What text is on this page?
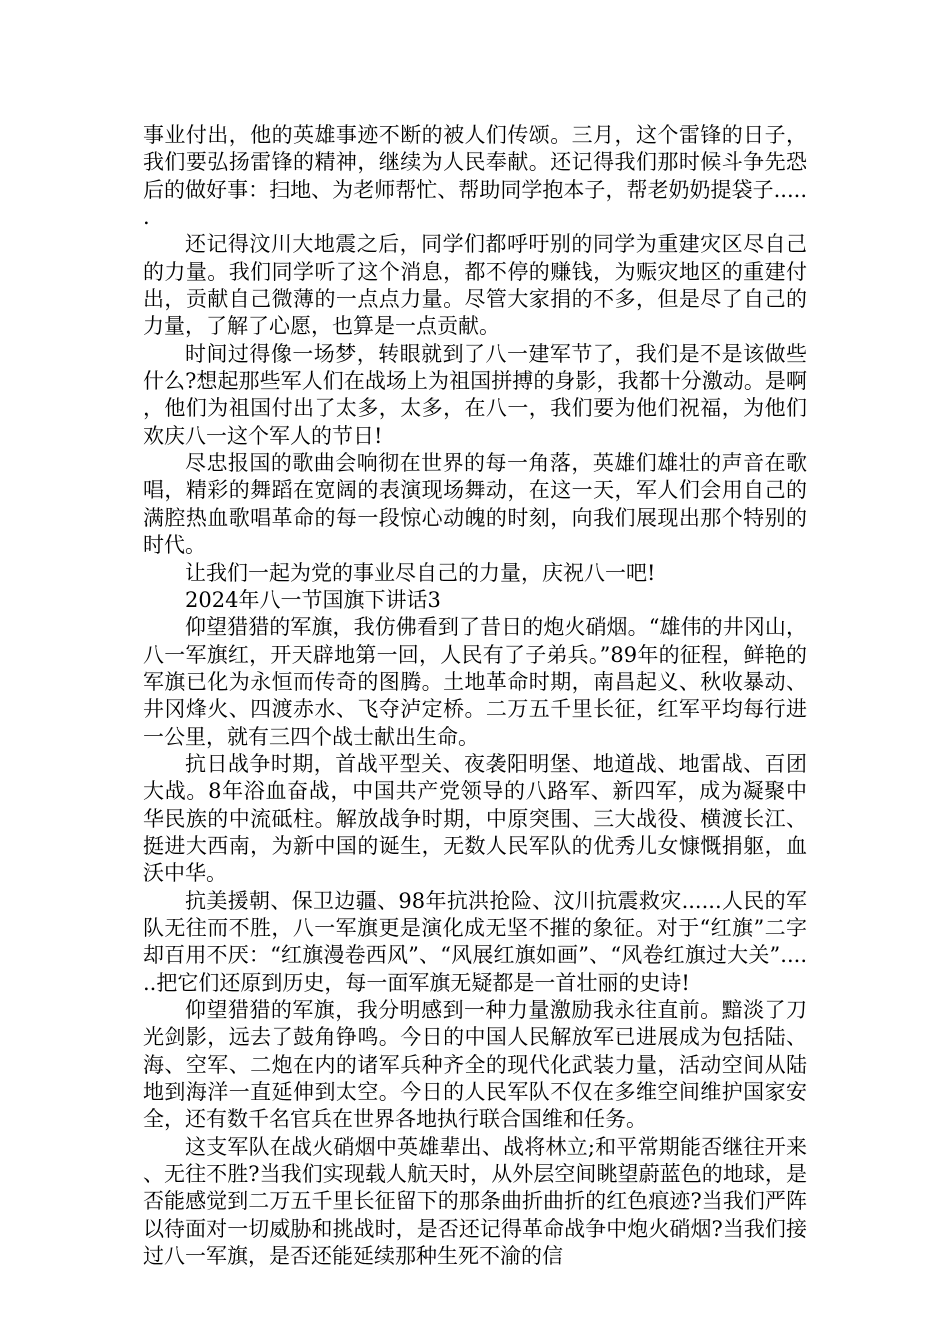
事业付出，他的英雄事迹不断的被人们传颂。三月，这个雷锋的日子，我们要弘扬雷锋的精神，继续为人民奉献。还记得我们那时候斗争先恐后的做好事：扫地、为老师帮忙、帮助同学抱本子，帮老奶奶提袋子......

还记得汶川大地震之后，同学们都呼吁别的同学为重建灾区尽自己的力量。我们同学听了这个消息，都不停的赚钱，为赈灾地区的重建付出，贡献自己微薄的一点点力量。尽管大家捐的不多，但是尽了自己的力量，了解了心愿，也算是一点贡献。

时间过得像一场梦，转眼就到了八一建军节了，我们是不是该做些什么?想起那些军人们在战场上为祖国拼搏的身影，我都十分激动。是啊，他们为祖国付出了太多，太多，在八一，我们要为他们祝福，为他们欢庆八一这个军人的节日!

尽忠报国的歌曲会响彻在世界的每一角落，英雄们雄壮的声音在歌唱，精彩的舞蹈在宽阔的表演现场舞动，在这一天，军人们会用自己的满腔热血歌唱革命的每一段惊心动魄的时刻，向我们展现出那个特别的时代。

让我们一起为党的事业尽自己的力量，庆祝八一吧!

2024年八一节国旗下讲话3

仰望猎猎的军旗，我仿佛看到了昔日的炮火硝烟。“雄伟的井冈山，八一军旗红，开天辟地第一回，人民有了子弟兵。”89年的征程，鲜艳的军旗已化为永恒而传奇的图腾。土地革命时期，南昌起义、秋收暴动、井冈烽火、四渡赤水、飞夺泸定桥。二万五千里长征，红军平均每行进一公里，就有三四个战士献出生命。

抗日战争时期，首战平型关、夜袭阳明堡、地道战、地雷战、百团大战。8年浴血奋战，中国共产党领导的八路军、新四军，成为凝聚中华民族的中流砥柱。解放战争时期，中原突围、三大战役、横渡长江、挺进大西南，为新中国的诞生，无数人民军队的优秀儿女慷慨捐躯，血沃中华。

抗美援朝、保卫边疆、98年抗洪抢险、汶川抗震救灾......人民的军队无往而不胜，八一军旗更是演化成无坚不摧的象征。对于“红旗”二字却百用不厌：“红旗漫卷西风”、“风展红旗如画”、“风卷红旗过大关”......把它们还原到历史，每一面军旗无疑都是一首壮丽的史诗!

仰望猎猎的军旗，我分明感到一种力量激励我永往直前。黯淡了刀光剑影，远去了鼓角铮鸣。今日的中国人民解放军已进展成为包括陆、海、空军、二炮在内的诸军兵种齐全的现代化武装力量，活动空间从陆地到海洋一直延伸到太空。今日的人民军队不仅在多维空间维护国家安全，还有数千名官兵在世界各地执行联合国维和任务。

这支军队在战火硝烟中英雄辈出、战将林立;和平常期能否继往开来、无往不胜?当我们实现载人航天时，从外层空间眺望蔚蓝色的地球，是否能感觉到二万五千里长征留下的那条曲折曲折的红色痕迹?当我们严阵以待面对一切威胁和挑战时，是否还记得革命战争中炮火硝烟?当我们接过八一军旗，是否还能延续那种生死不渝的信
